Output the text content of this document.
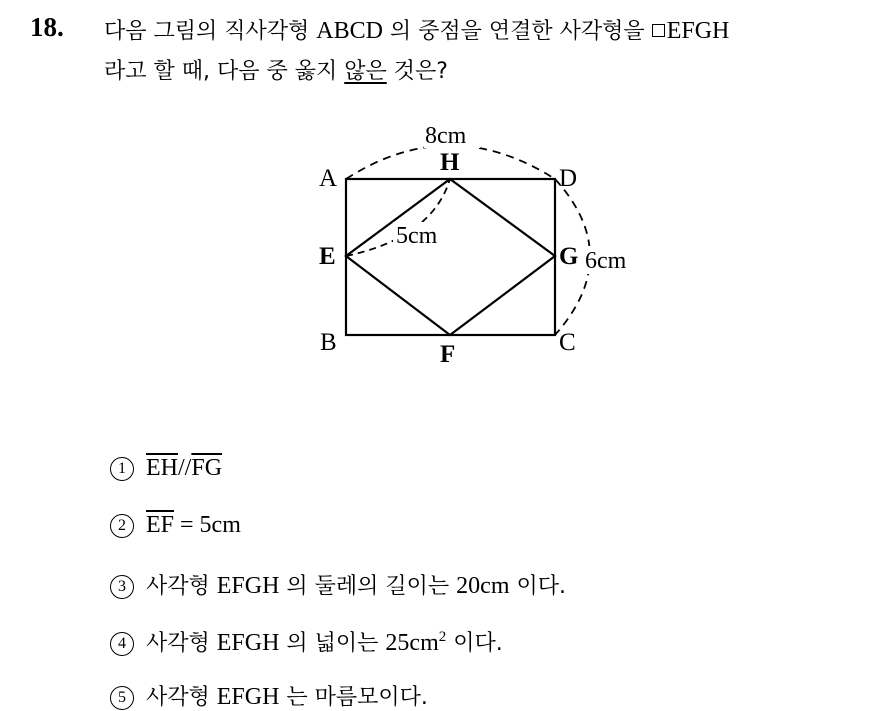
18. 다음 그림의 직사각형 ABCD 의 중점을 연결한 사각형을 EFGH
라고 할 때, 다음 중 옳지 않은 것은?
A	D
B	C
E
H
G
F
8cm
6cm
5cm
1 $\overline{EH}//\overline{FG}$
2 $\overline{EF} = 5cm$
3 사각형 EFGH 의 둘레의 길이는 20cm 이다.
4 사각형 EFGH 의 넓이는 $25cm^2$ 이다.
5 사각형 EFGH 는 마름모이다.
